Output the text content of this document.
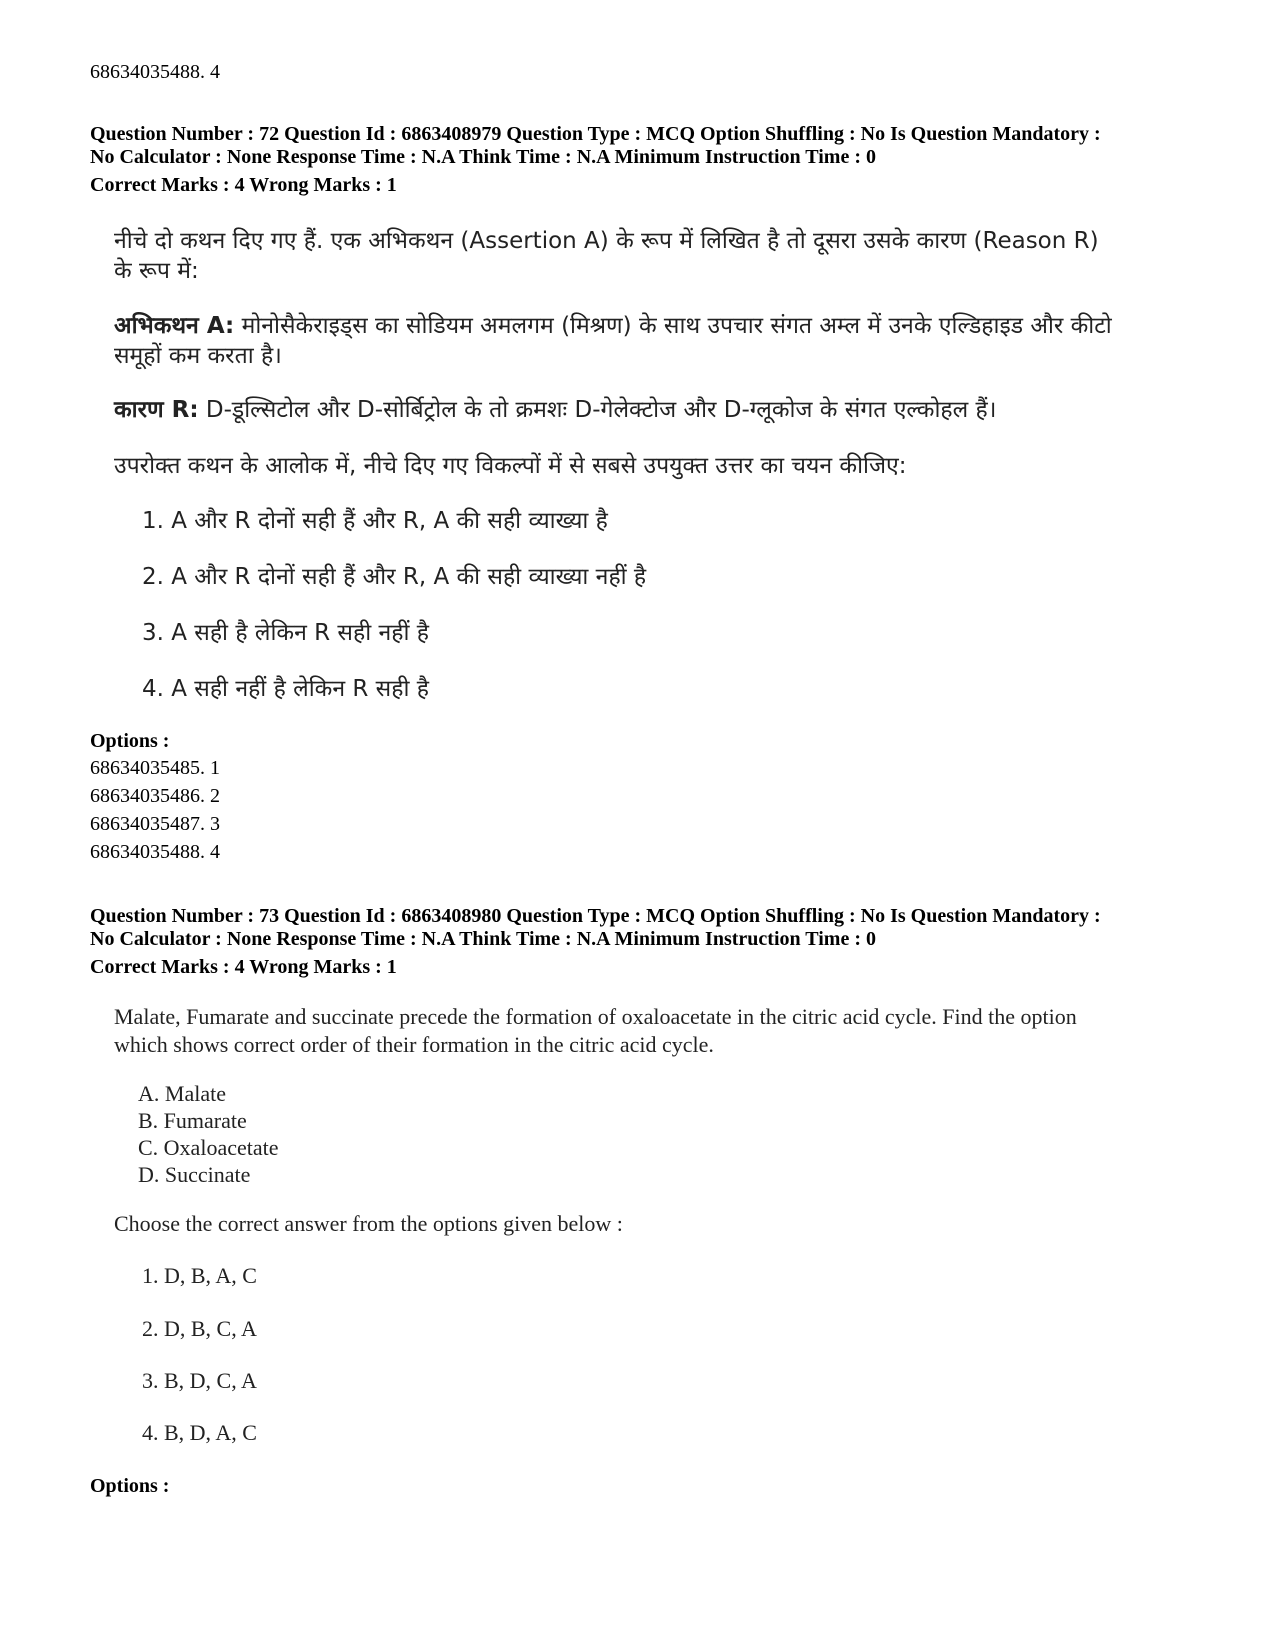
68634035488. 4
Question Number : 72 Question Id : 6863408979 Question Type : MCQ Option Shuffling : No Is Question Mandatory :
No Calculator : None Response Time : N.A Think Time : N.A Minimum Instruction Time : 0
Correct Marks : 4 Wrong Marks : 1
नीचे दो कथन दिए गए हैं. एक अभिकथन (Assertion A) के रूप में लिखित है तो दूसरा उसके कारण (Reason R) के रूप में:
अभिकथन A: मोनोसैकेराइड्स का सोडियम अमलगम (मिश्रण) के साथ उपचार संगत अम्ल में उनके एल्डिहाइड और कीटो समूहों कम करता है।
कारण R: D-डूल्सिटोल और D-सोर्बिट्रोल के तो क्रमशः D-गेलेक्टोज और D-ग्लूकोज के संगत एल्कोहल हैं।
उपरोक्त कथन के आलोक में, नीचे दिए गए विकल्पों में से सबसे उपयुक्त उत्तर का चयन कीजिए:
1. A और R दोनों सही हैं और R, A की सही व्याख्या है
2. A और R दोनों सही हैं और R, A की सही व्याख्या नहीं है
3. A सही है लेकिन R सही नहीं है
4. A सही नहीं है लेकिन R सही है
Options :
68634035485. 1
68634035486. 2
68634035487. 3
68634035488. 4
Question Number : 73 Question Id : 6863408980 Question Type : MCQ Option Shuffling : No Is Question Mandatory :
No Calculator : None Response Time : N.A Think Time : N.A Minimum Instruction Time : 0
Correct Marks : 4 Wrong Marks : 1
Malate, Fumarate and succinate precede the formation of oxaloacetate in the citric acid cycle. Find the option which shows correct order of their formation in the citric acid cycle.
A. Malate
B. Fumarate
C. Oxaloacetate
D. Succinate
Choose the correct answer from the options given below :
1. D, B, A, C
2. D, B, C, A
3. B, D, C, A
4. B, D, A, C
Options :
